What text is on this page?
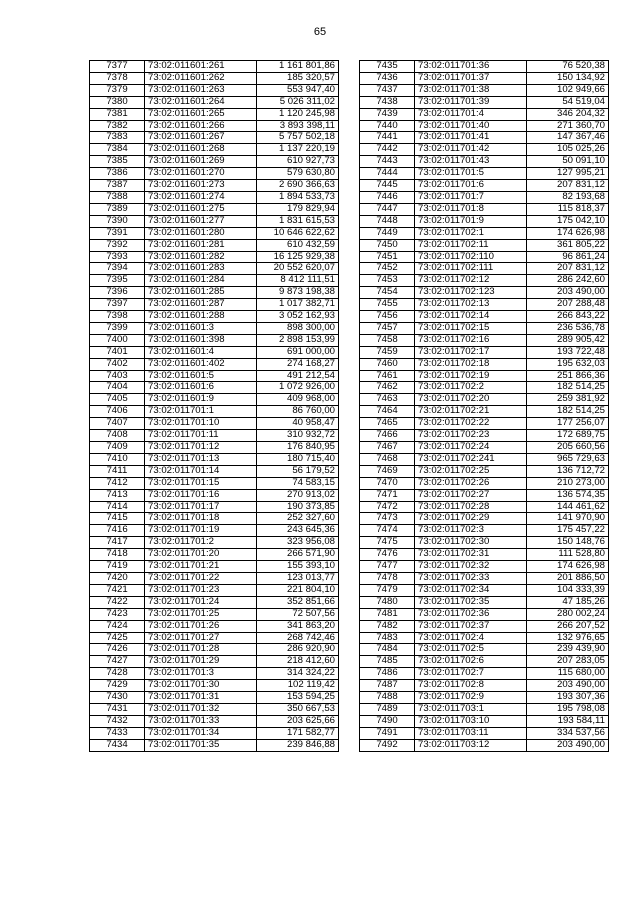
65
7377	73:02:011601:261	1 161 801,86
7378	73:02:011601:262	185 320,57
7379	73:02:011601:263	553 947,40
7380	73:02:011601:264	5 026 311,02
7381	73:02:011601:265	1 120 245,98
7382	73:02:011601:266	3 893 398,11
7383	73:02:011601:267	5 757 502,18
7384	73:02:011601:268	1 137 220,19
7385	73:02:011601:269	610 927,73
7386	73:02:011601:270	579 630,80
7387	73:02:011601:273	2 690 366,63
7388	73:02:011601:274	1 894 533,73
7389	73:02:011601:275	179 829,94
7390	73:02:011601:277	1 831 615,53
7391	73:02:011601:280	10 646 622,62
7392	73:02:011601:281	610 432,59
7393	73:02:011601:282	16 125 929,38
7394	73:02:011601:283	20 552 620,07
7395	73:02:011601:284	8 412 111,51
7396	73:02:011601:285	9 873 198,38
7397	73:02:011601:287	1 017 382,71
7398	73:02:011601:288	3 052 162,93
7399	73:02:011601:3	898 300,00
7400	73:02:011601:398	2 898 153,99
7401	73:02:011601:4	691 000,00
7402	73:02:011601:402	274 168,27
7403	73:02:011601:5	491 212,54
7404	73:02:011601:6	1 072 926,00
7405	73:02:011601:9	409 968,00
7406	73:02:011701:1	86 760,00
7407	73:02:011701:10	40 958,47
7408	73:02:011701:11	310 932,72
7409	73:02:011701:12	176 840,95
7410	73:02:011701:13	180 715,40
7411	73:02:011701:14	56 179,52
7412	73:02:011701:15	74 583,15
7413	73:02:011701:16	270 913,02
7414	73:02:011701:17	190 373,85
7415	73:02:011701:18	252 327,60
7416	73:02:011701:19	243 645,36
7417	73:02:011701:2	323 956,08
7418	73:02:011701:20	266 571,90
7419	73:02:011701:21	155 393,10
7420	73:02:011701:22	123 013,77
7421	73:02:011701:23	221 804,10
7422	73:02:011701:24	352 851,66
7423	73:02:011701:25	72 507,56
7424	73:02:011701:26	341 863,20
7425	73:02:011701:27	268 742,46
7426	73:02:011701:28	286 920,90
7427	73:02:011701:29	218 412,60
7428	73:02:011701:3	314 324,22
7429	73:02:011701:30	102 119,42
7430	73:02:011701:31	153 594,25
7431	73:02:011701:32	350 667,53
7432	73:02:011701:33	203 625,66
7433	73:02:011701:34	171 582,77
7434	73:02:011701:35	239 846,88
7435	73:02:011701:36	76 520,38
7436	73:02:011701:37	150 134,92
7437	73:02:011701:38	102 949,66
7438	73:02:011701:39	54 519,04
7439	73:02:011701:4	346 204,32
7440	73:02:011701:40	271 360,70
7441	73:02:011701:41	147 367,46
7442	73:02:011701:42	105 025,26
7443	73:02:011701:43	50 091,10
7444	73:02:011701:5	127 995,21
7445	73:02:011701:6	207 831,12
7446	73:02:011701:7	82 193,68
7447	73:02:011701:8	115 818,37
7448	73:02:011701:9	175 042,10
7449	73:02:011702:1	174 626,98
7450	73:02:011702:11	361 805,22
7451	73:02:011702:110	96 861,24
7452	73:02:011702:111	207 831,12
7453	73:02:011702:12	286 242,60
7454	73:02:011702:123	203 490,00
7455	73:02:011702:13	207 288,48
7456	73:02:011702:14	266 843,22
7457	73:02:011702:15	236 536,78
7458	73:02:011702:16	289 905,42
7459	73:02:011702:17	193 722,48
7460	73:02:011702:18	195 632,03
7461	73:02:011702:19	251 866,36
7462	73:02:011702:2	182 514,25
7463	73:02:011702:20	259 381,92
7464	73:02:011702:21	182 514,25
7465	73:02:011702:22	177 256,07
7466	73:02:011702:23	172 689,75
7467	73:02:011702:24	205 660,56
7468	73:02:011702:241	965 729,63
7469	73:02:011702:25	136 712,72
7470	73:02:011702:26	210 273,00
7471	73:02:011702:27	136 574,35
7472	73:02:011702:28	144 461,62
7473	73:02:011702:29	141 970,90
7474	73:02:011702:3	175 457,22
7475	73:02:011702:30	150 148,76
7476	73:02:011702:31	111 528,80
7477	73:02:011702:32	174 626,98
7478	73:02:011702:33	201 886,50
7479	73:02:011702:34	104 333,39
7480	73:02:011702:35	47 185,26
7481	73:02:011702:36	280 002,24
7482	73:02:011702:37	266 207,52
7483	73:02:011702:4	132 976,65
7484	73:02:011702:5	239 439,90
7485	73:02:011702:6	207 283,05
7486	73:02:011702:7	115 680,00
7487	73:02:011702:8	203 490,00
7488	73:02:011702:9	193 307,36
7489	73:02:011703:1	195 798,08
7490	73:02:011703:10	193 584,11
7491	73:02:011703:11	334 537,56
7492	73:02:011703:12	203 490,00
